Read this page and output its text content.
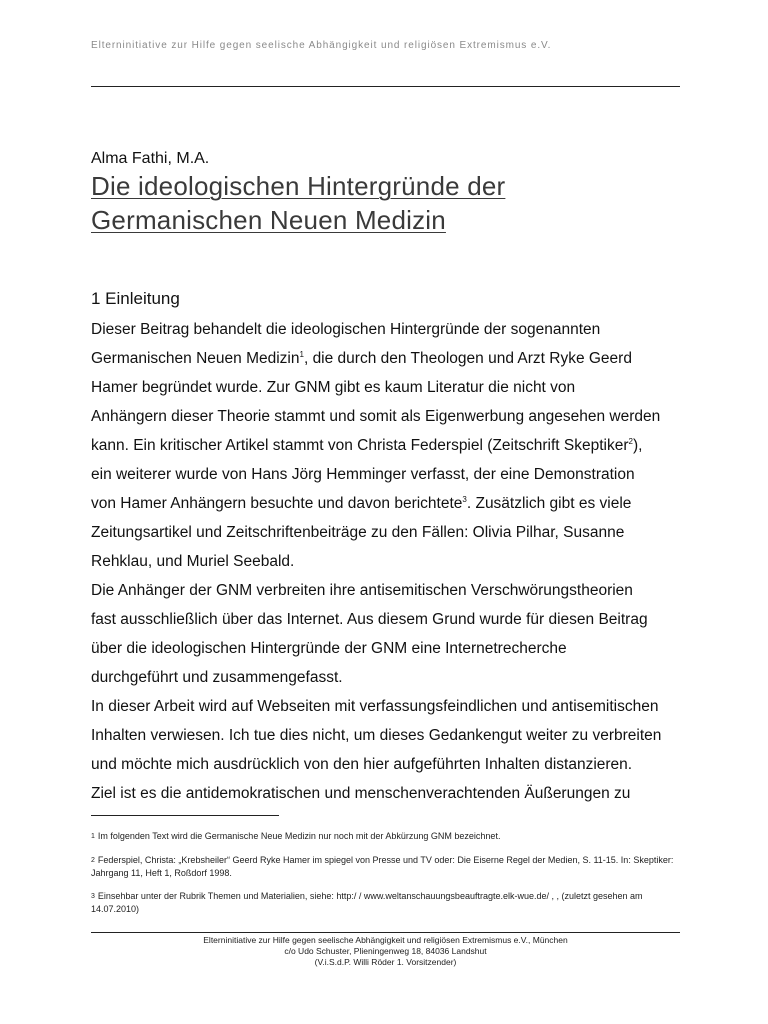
Elterninitiative zur Hilfe gegen seelische Abhängigkeit und religiösen Extremismus e.V.
Alma Fathi, M.A.
Die ideologischen Hintergründe der
Germanischen Neuen Medizin
1 Einleitung
Dieser Beitrag behandelt die ideologischen Hintergründe der sogenannten
Germanischen Neuen Medizin$^1$, die durch den Theologen und Arzt Ryke Geerd
Hamer begründet wurde. Zur GNM gibt es kaum Literatur die nicht von
Anhängern dieser Theorie stammt und somit als Eigenwerbung angesehen werden
kann. Ein kritischer Artikel stammt von Christa Federspiel (Zeitschrift Skeptiker$^2$),
ein weiterer wurde von Hans Jörg Hemminger verfasst, der eine Demonstration
von Hamer Anhängern besuchte und davon berichtete$^3$. Zusätzlich gibt es viele
Zeitungsartikel und Zeitschriftenbeiträge zu den Fällen: Olivia Pilhar, Susanne
Rehklau, und Muriel Seebald.
Die Anhänger der GNM verbreiten ihre antisemitischen Verschwörungstheorien
fast ausschließlich über das Internet. Aus diesem Grund wurde für diesen Beitrag
über die ideologischen Hintergründe der GNM eine Internetrecherche
durchgeführt und zusammengefasst.
In dieser Arbeit wird auf Webseiten mit verfassungsfeindlichen und antisemitischen
Inhalten verwiesen. Ich tue dies nicht, um dieses Gedankengut weiter zu verbreiten
und möchte mich ausdrücklich von den hier aufgeführten Inhalten distanzieren.
Ziel ist es die antidemokratischen und menschenverachtenden Äußerungen zu
1 Im folgenden Text wird die Germanische Neue Medizin nur noch mit der Abkürzung GNM bezeichnet.
2 Federspiel, Christa: „Krebsheiler“ Geerd Ryke Hamer im spiegel von Presse und TV oder: Die Eiserne Regel der Medien, S. 11-15. In: Skeptiker: Jahrgang 11, Heft 1, Roßdorf 1998.
3 Einsehbar unter der Rubrik Themen und Materialien, siehe: http:/ / www.weltanschauungsbeauftragte.elk-wue.de/ , , (zuletzt gesehen am 14.07.2010)
Elterninitiative zur Hilfe gegen seelische Abhängigkeit und religiösen Extremismus e.V., München
c/o Udo Schuster, Plieningenweg 18, 84036 Landshut
(V.i.S.d.P. Willi Röder 1. Vorsitzender)
